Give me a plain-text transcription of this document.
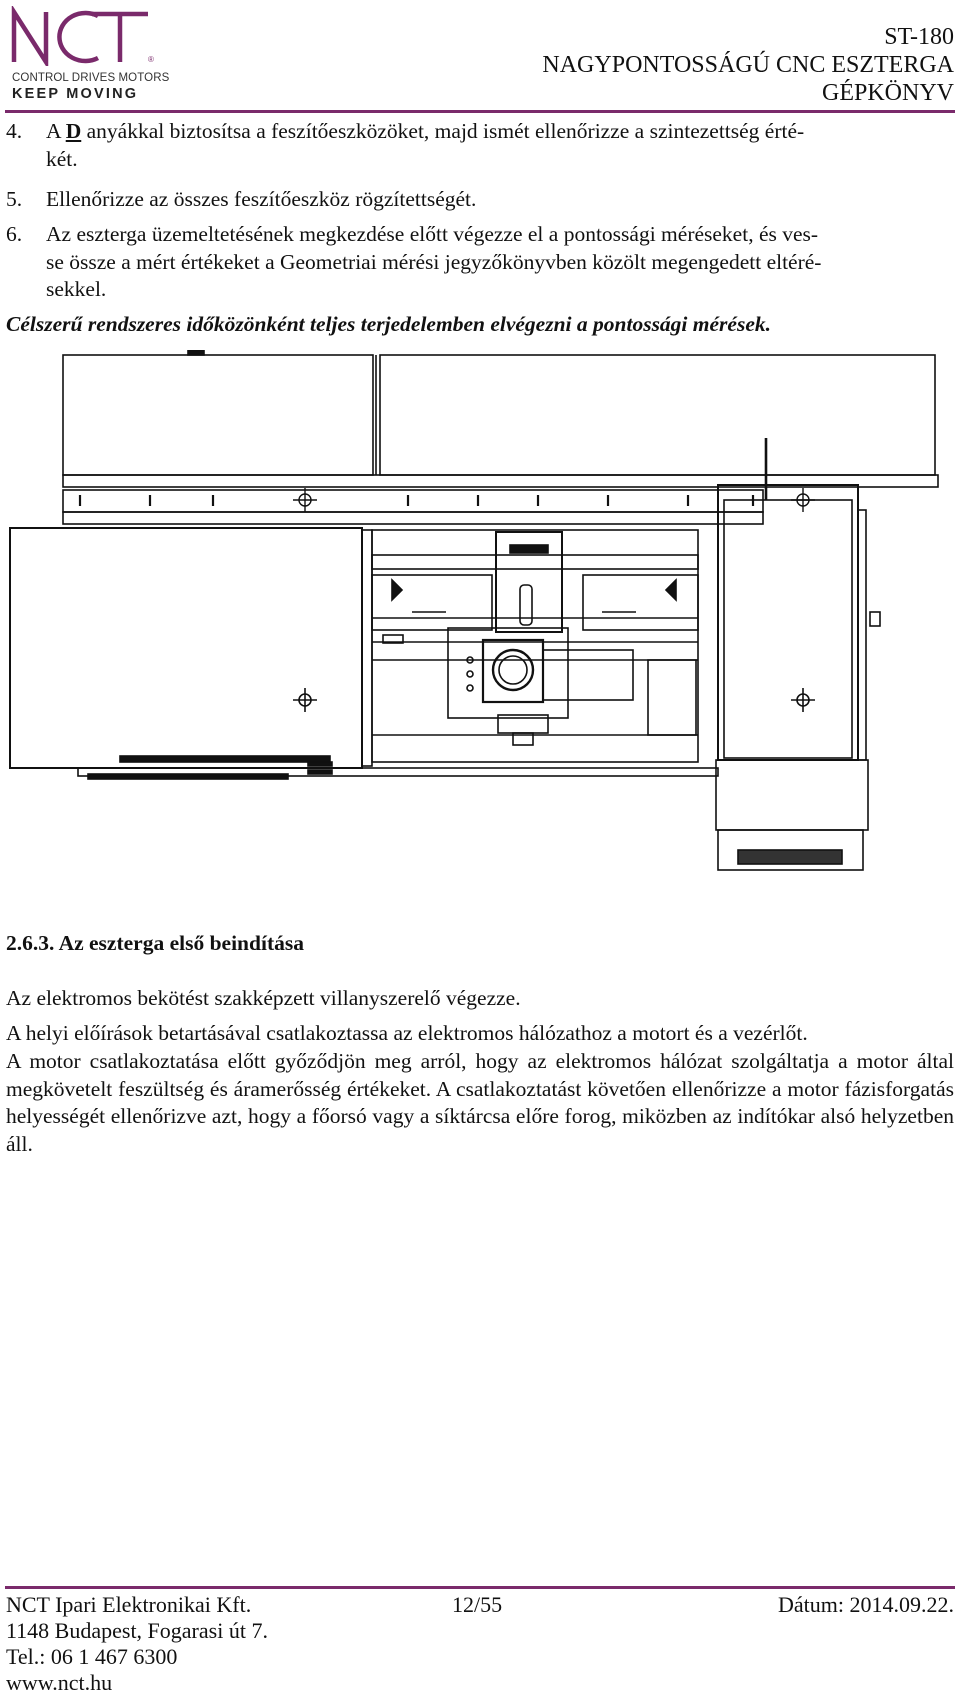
®
CONTROL DRIVES MOTORS
KEEP MOVING
ST-180
NAGYPONTOSSÁGÚ CNC ESZTERGA
GÉPKÖNYV
4.	A D anyákkal biztosítsa a feszítőeszközöket, majd ismét ellenőrizze a szintezettség érté-
két.
5.	Ellenőrizze az összes feszítőeszköz rögzítettségét.
6.	Az eszterga üzemeltetésének megkezdése előtt végezze el a pontossági méréseket, és ves-
se össze a mért értékeket a Geometriai mérési jegyzőkönyvben közölt megengedett eltéré-
sekkel.
Célszerű rendszeres időközönként teljes terjedelemben elvégezni a pontossági mérések.
2.6.3. Az eszterga első beindítása
Az elektromos bekötést szakképzett villanyszerelő végezze.
A helyi előírások betartásával csatlakoztassa az elektromos hálózathoz a motort és a vezérlőt.
A motor csatlakoztatása előtt győződjön meg arról, hogy az elektromos hálózat szolgáltatja a motor által megkövetelt feszültség és áramerősség értékeket. A csatlakoztatást követően ellenőrizze a motor fázisforgatás helyességét ellenőrizve azt, hogy a főorsó vagy a síktárcsa előre forog, miközben az indítókar alsó helyzetben áll.
NCT Ipari Elektronikai Kft.	12/55	Dátum: 2014.09.22.
1148 Budapest, Fogarasi út 7.
Tel.: 06 1 467 6300
www.nct.hu
